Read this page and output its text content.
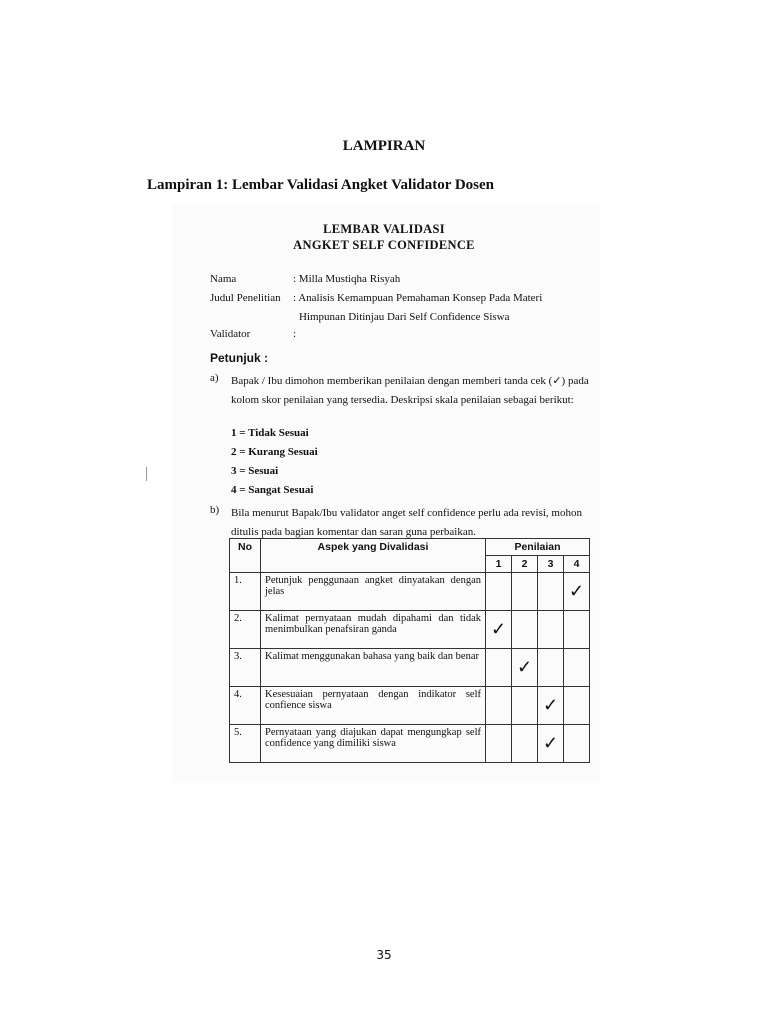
LAMPIRAN
Lampiran 1: Lembar Validasi Angket Validator Dosen
LEMBAR VALIDASI
ANGKET SELF CONFIDENCE
Nama	: Milla Mustiqha Risyah
Judul Penelitian : Analisis Kemampuan Pemahaman Konsep Pada Materi
Himpunan Ditinjau Dari Self Confidence Siswa
Validator	:
Petunjuk :
a) Bapak / Ibu dimohon memberikan penilaian dengan memberi tanda cek (✓) pada kolom skor penilaian yang tersedia. Deskripsi skala penilaian sebagai berikut:
1 = Tidak Sesuai
2 = Kurang Sesuai
3 = Sesuai
4 = Sangat Sesuai
b) Bila menurut Bapak/Ibu validator anget self confidence perlu ada revisi, mohon ditulis pada bagian komentar dan saran guna perbaikan.
No	Aspek yang Divalidasi	Penilaian			
		1	2	3	4
1.	Petunjuk penggunaan angket dinyatakan dengan jelas				✓
2.	Kalimat pernyataan mudah dipahami dan tidak menimbulkan penafsiran ganda	✓			
3.	Kalimat menggunakan bahasa yang baik dan benar		✓		
4.	Kesesuaian pernyataan dengan indikator self confience siswa			✓	
5.	Pernyataan yang diajukan dapat mengungkap self confidence yang dimiliki siswa			✓	
35
